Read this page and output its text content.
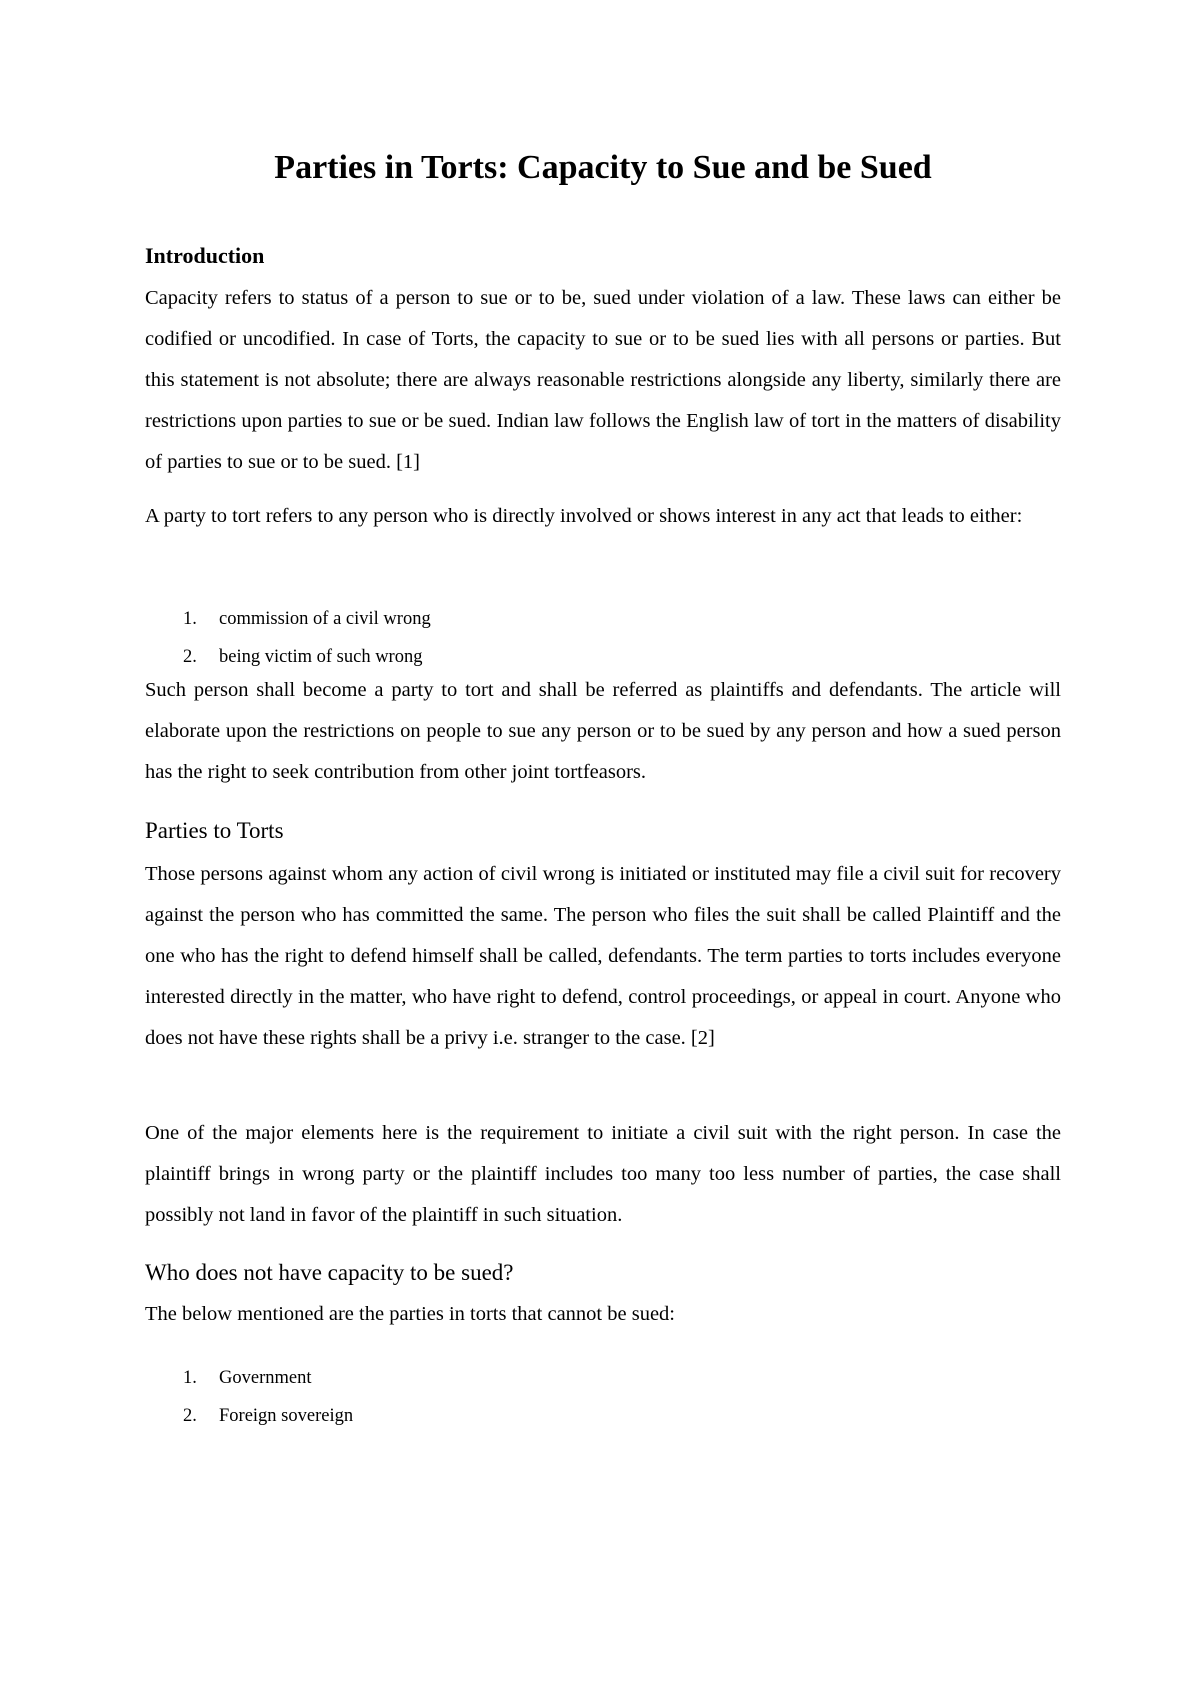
Parties in Torts: Capacity to Sue and be Sued
Introduction

Capacity refers to status of a person to sue or to be, sued under violation of a law. These laws can either be codified or uncodified. In case of Torts, the capacity to sue or to be sued lies with all persons or parties. But this statement is not absolute; there are always reasonable restrictions alongside any liberty, similarly there are restrictions upon parties to sue or be sued. Indian law follows the English law of tort in the matters of disability of parties to sue or to be sued. [1]

A party to tort refers to any person who is directly involved or shows interest in any act that leads to either:

1. commission of a civil wrong
2. being victim of such wrong

Such person shall become a party to tort and shall be referred as plaintiffs and defendants. The article will elaborate upon the restrictions on people to sue any person or to be sued by any person and how a sued person has the right to seek contribution from other joint tortfeasors.

Parties to Torts

Those persons against whom any action of civil wrong is initiated or instituted may file a civil suit for recovery against the person who has committed the same. The person who files the suit shall be called Plaintiff and the one who has the right to defend himself shall be called, defendants. The term parties to torts includes everyone interested directly in the matter, who have right to defend, control proceedings, or appeal in court. Anyone who does not have these rights shall be a privy i.e. stranger to the case. [2]

One of the major elements here is the requirement to initiate a civil suit with the right person. In case the plaintiff brings in wrong party or the plaintiff includes too many too less number of parties, the case shall possibly not land in favor of the plaintiff in such situation.

Who does not have capacity to be sued?

The below mentioned are the parties in torts that cannot be sued:

1. Government
2. Foreign sovereign
